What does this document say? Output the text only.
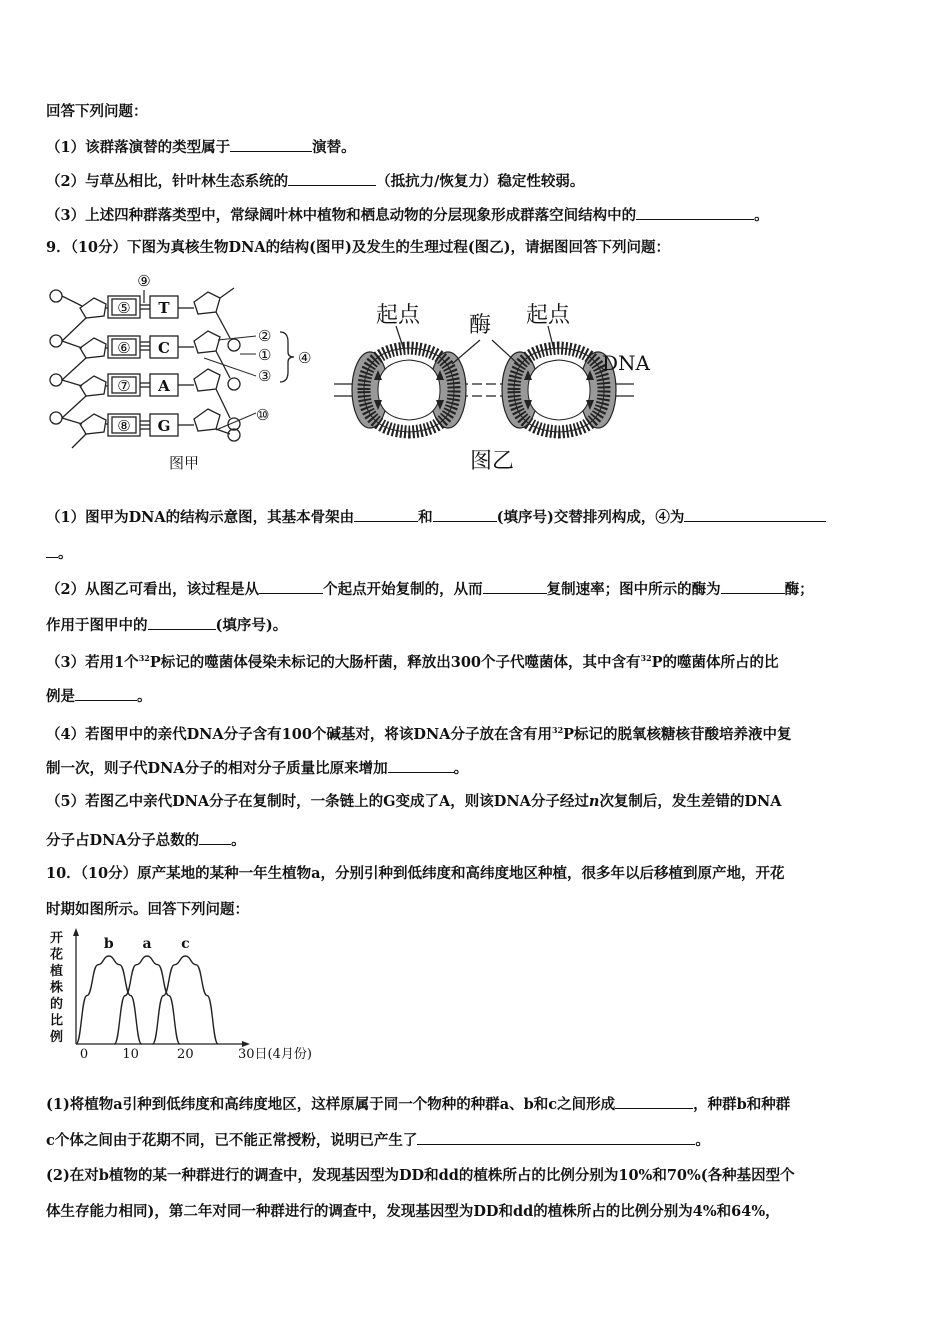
回答下列问题：
（1）该群落演替的类型属于	演替。
（2）与草丛相比，针叶林生态系统的	（抵抗力/恢复力）稳定性较弱。
（3）上述四种群落类型中，常绿阔叶林中植物和栖息动物的分层现象形成群落空间结构中的	。
9．（10分）下图为真核生物DNA的结构(图甲)及发生的生理过程(图乙)，请据图回答下列问题：
⑤
⑥
⑦
⑧
T
C
A
G
⑨
②
①
③
⑩
④
图甲
起点	起点
酶
DNA
图乙
（1）图甲为DNA的结构示意图，其基本骨架由	和	(填序号)交替排列构成，④为
。
（2）从图乙可看出，该过程是从	个起点开始复制的，从而	复制速率；图中所示的酶为	酶；
作用于图甲中的	(填序号)。
（3）若用1个$^{32}$P标记的噬菌体侵染未标记的大肠杆菌，释放出300个子代噬菌体，其中含有$^{32}$P的噬菌体所占的比
例是	。
（4）若图甲中的亲代DNA分子含有100个碱基对，将该DNA分子放在含有用$^{32}$P标记的脱氧核糖核苷酸培养液中复
制一次，则子代DNA分子的相对分子质量比原来增加	。
（5）若图乙中亲代DNA分子在复制时，一条链上的G变成了A，则该DNA分子经过n次复制后，发生差错的DNA
分子占DNA分子总数的 。
10．（10分）原产某地的某种一年生植物a，分别引种到低纬度和高纬度地区种植，很多年以后移植到原产地，开花
时期如图所示。回答下列问题：
开
花
植
株
的
比
例
b a c
0	10	20	30日(4月份)
(1)将植物a引种到低纬度和高纬度地区，这样原属于同一个物种的种群a、b和c之间形成	，种群b和种群
c个体之间由于花期不同，已不能正常授粉，说明已产生了	。
(2)在对b植物的某一种群进行的调查中，发现基因型为DD和dd的植株所占的比例分别为10%和70%(各种基因型个
体生存能力相同)，第二年对同一种群进行的调查中，发现基因型为DD和dd的植株所占的比例分别为4%和64%，
